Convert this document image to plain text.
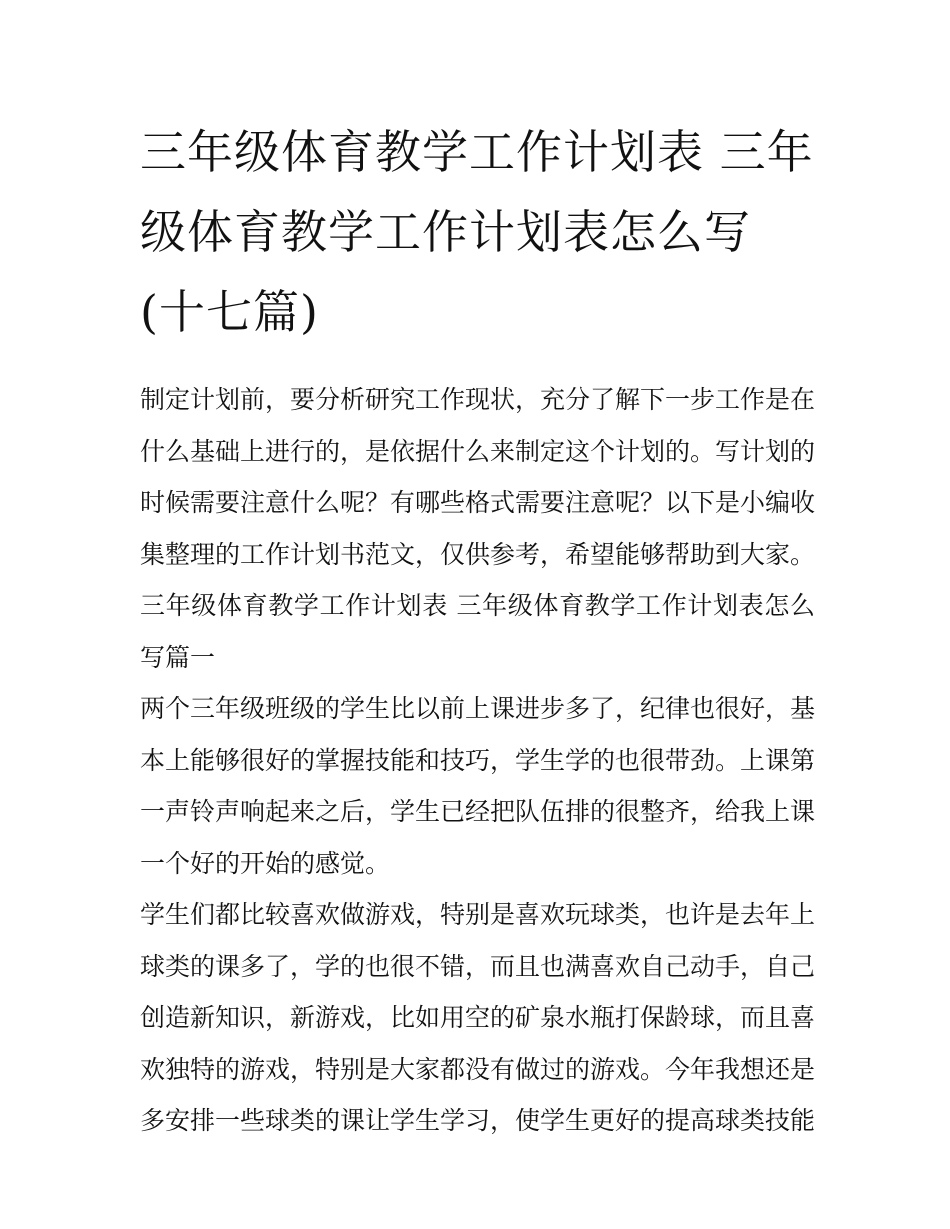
三年级体育教学工作计划表 三年级体育教学工作计划表怎么写(十七篇)

制定计划前，要分析研究工作现状，充分了解下一步工作是在什么基础上进行的，是依据什么来制定这个计划的。写计划的时候需要注意什么呢？有哪些格式需要注意呢？以下是小编收集整理的工作计划书范文，仅供参考，希望能够帮助到大家。

三年级体育教学工作计划表 三年级体育教学工作计划表怎么写篇一

两个三年级班级的学生比以前上课进步多了，纪律也很好，基本上能够很好的掌握技能和技巧，学生学的也很带劲。上课第一声铃声响起来之后，学生已经把队伍排的很整齐，给我上课一个好的开始的感觉。

学生们都比较喜欢做游戏，特别是喜欢玩球类，也许是去年上球类的课多了，学的也很不错，而且也满喜欢自己动手，自己创造新知识，新游戏，比如用空的矿泉水瓶打保龄球，而且喜欢独特的游戏，特别是大家都没有做过的游戏。今年我想还是多安排一些球类的课让学生学习，使学生更好的提高球类技能
